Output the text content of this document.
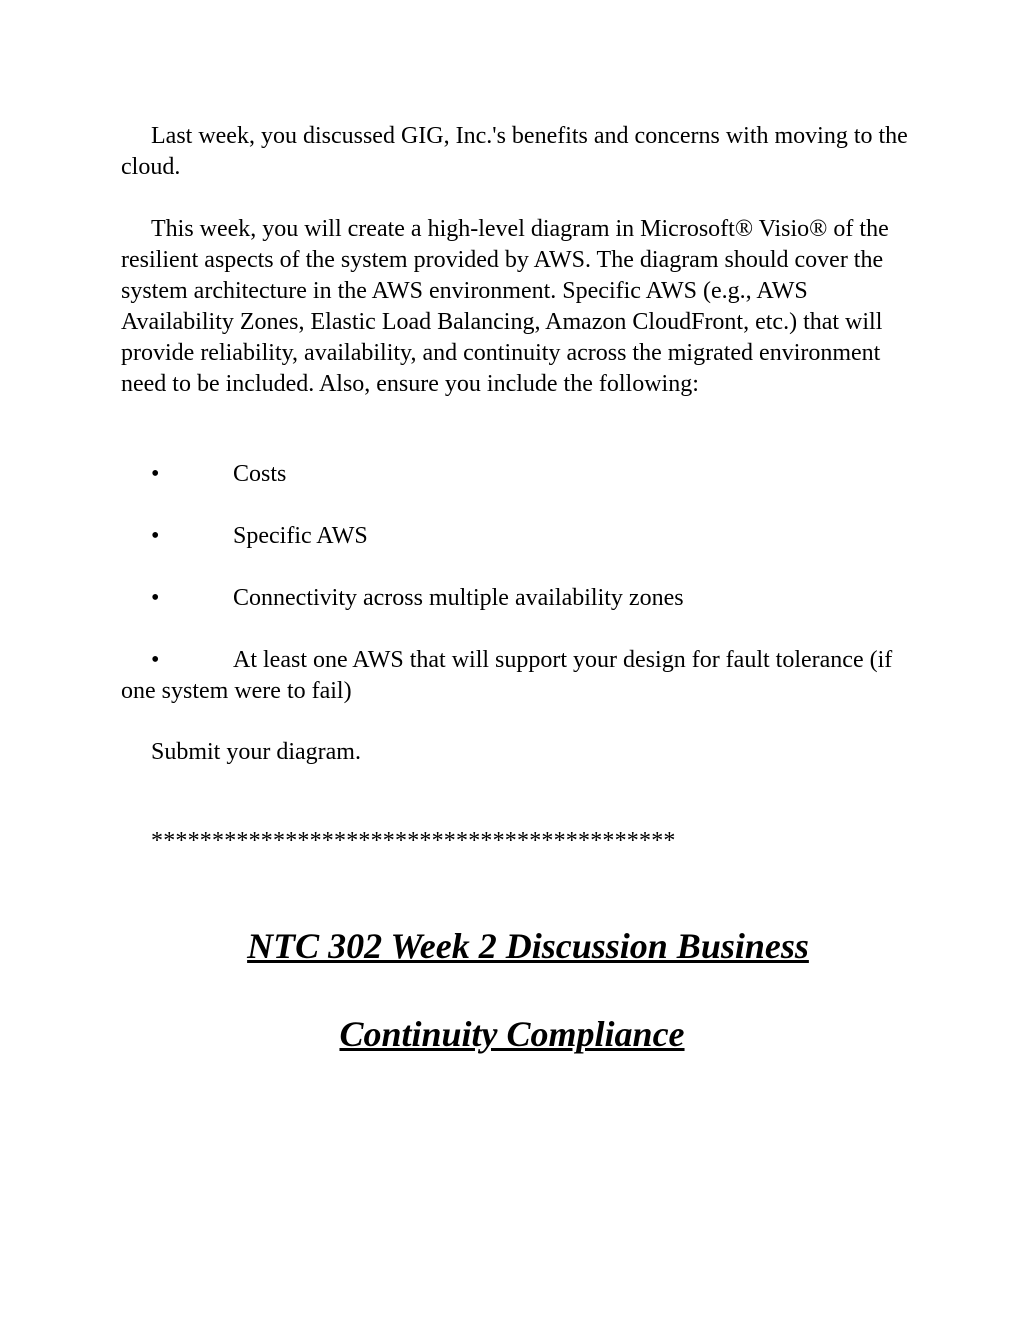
Last week, you discussed GIG, Inc.'s benefits and concerns with moving to the cloud.

This week, you will create a high-level diagram in Microsoft® Visio® of the resilient aspects of the system provided by AWS. The diagram should cover the system architecture in the AWS environment. Specific AWS (e.g., AWS Availability Zones, Elastic Load Balancing, Amazon CloudFront, etc.) that will provide reliability, availability, and continuity across the migrated environment need to be included. Also, ensure you include the following:

•	Costs

•	Specific AWS

•	Connectivity across multiple availability zones

•	At least one AWS that will support your design for fault tolerance (if one system were to fail)

Submit your diagram.

*******************************************

NTC 302 Week 2 Discussion Business
Continuity Compliance
